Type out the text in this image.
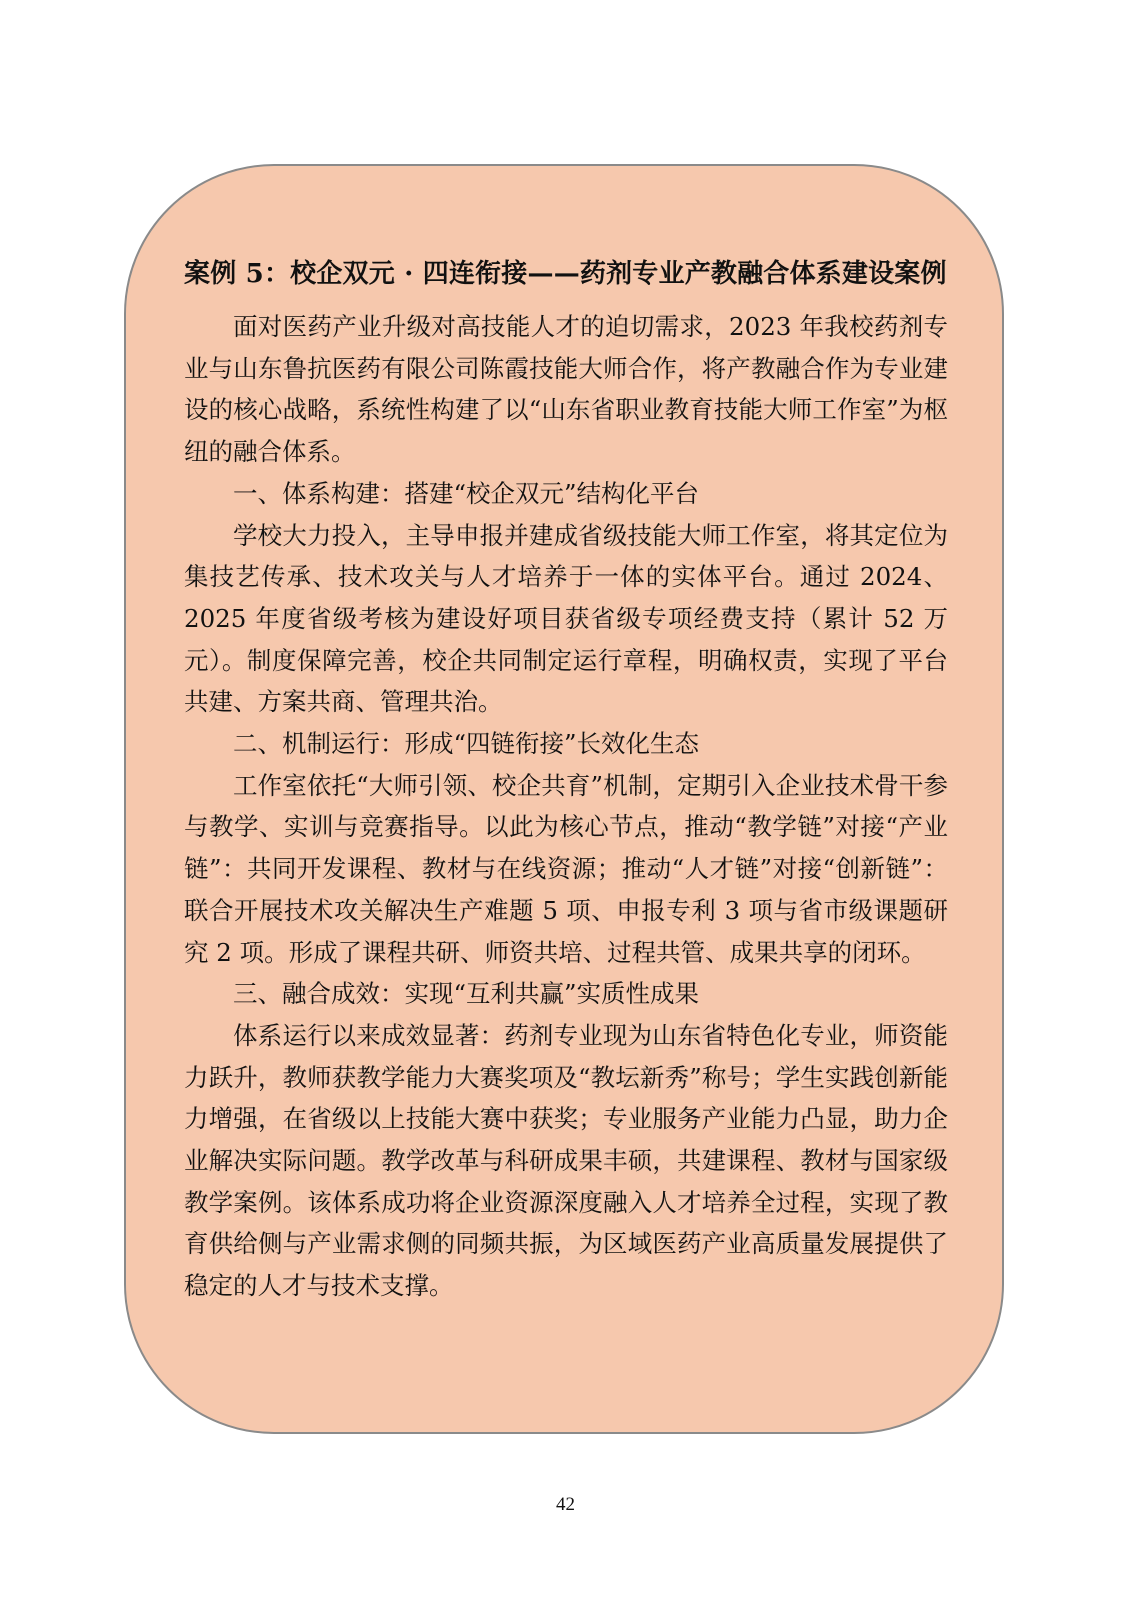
案例 5：校企双元 · 四连衔接——药剂专业产教融合体系建设案例

面对医药产业升级对高技能人才的迫切需求，2023 年我校药剂专业与山东鲁抗医药有限公司陈霞技能大师合作，将产教融合作为专业建设的核心战略，系统性构建了以“山东省职业教育技能大师工作室”为枢纽的融合体系。

一、体系构建：搭建“校企双元”结构化平台

学校大力投入，主导申报并建成省级技能大师工作室，将其定位为集技艺传承、技术攻关与人才培养于一体的实体平台。通过 2024、2025 年度省级考核为建设好项目获省级专项经费支持（累计 52 万元）。制度保障完善，校企共同制定运行章程，明确权责，实现了平台共建、方案共商、管理共治。

二、机制运行：形成“四链衔接”长效化生态

工作室依托“大师引领、校企共育”机制，定期引入企业技术骨干参与教学、实训与竞赛指导。以此为核心节点，推动“教学链”对接“产业链”：共同开发课程、教材与在线资源；推动“人才链”对接“创新链”：联合开展技术攻关解决生产难题 5 项、申报专利 3 项与省市级课题研究 2 项。形成了课程共研、师资共培、过程共管、成果共享的闭环。

三、融合成效：实现“互利共赢”实质性成果

体系运行以来成效显著：药剂专业现为山东省特色化专业，师资能力跃升，教师获教学能力大赛奖项及“教坛新秀”称号；学生实践创新能力增强，在省级以上技能大赛中获奖；专业服务产业能力凸显，助力企业解决实际问题。教学改革与科研成果丰硕，共建课程、教材与国家级教学案例。该体系成功将企业资源深度融入人才培养全过程，实现了教育供给侧与产业需求侧的同频共振，为区域医药产业高质量发展提供了稳定的人才与技术支撑。

42
